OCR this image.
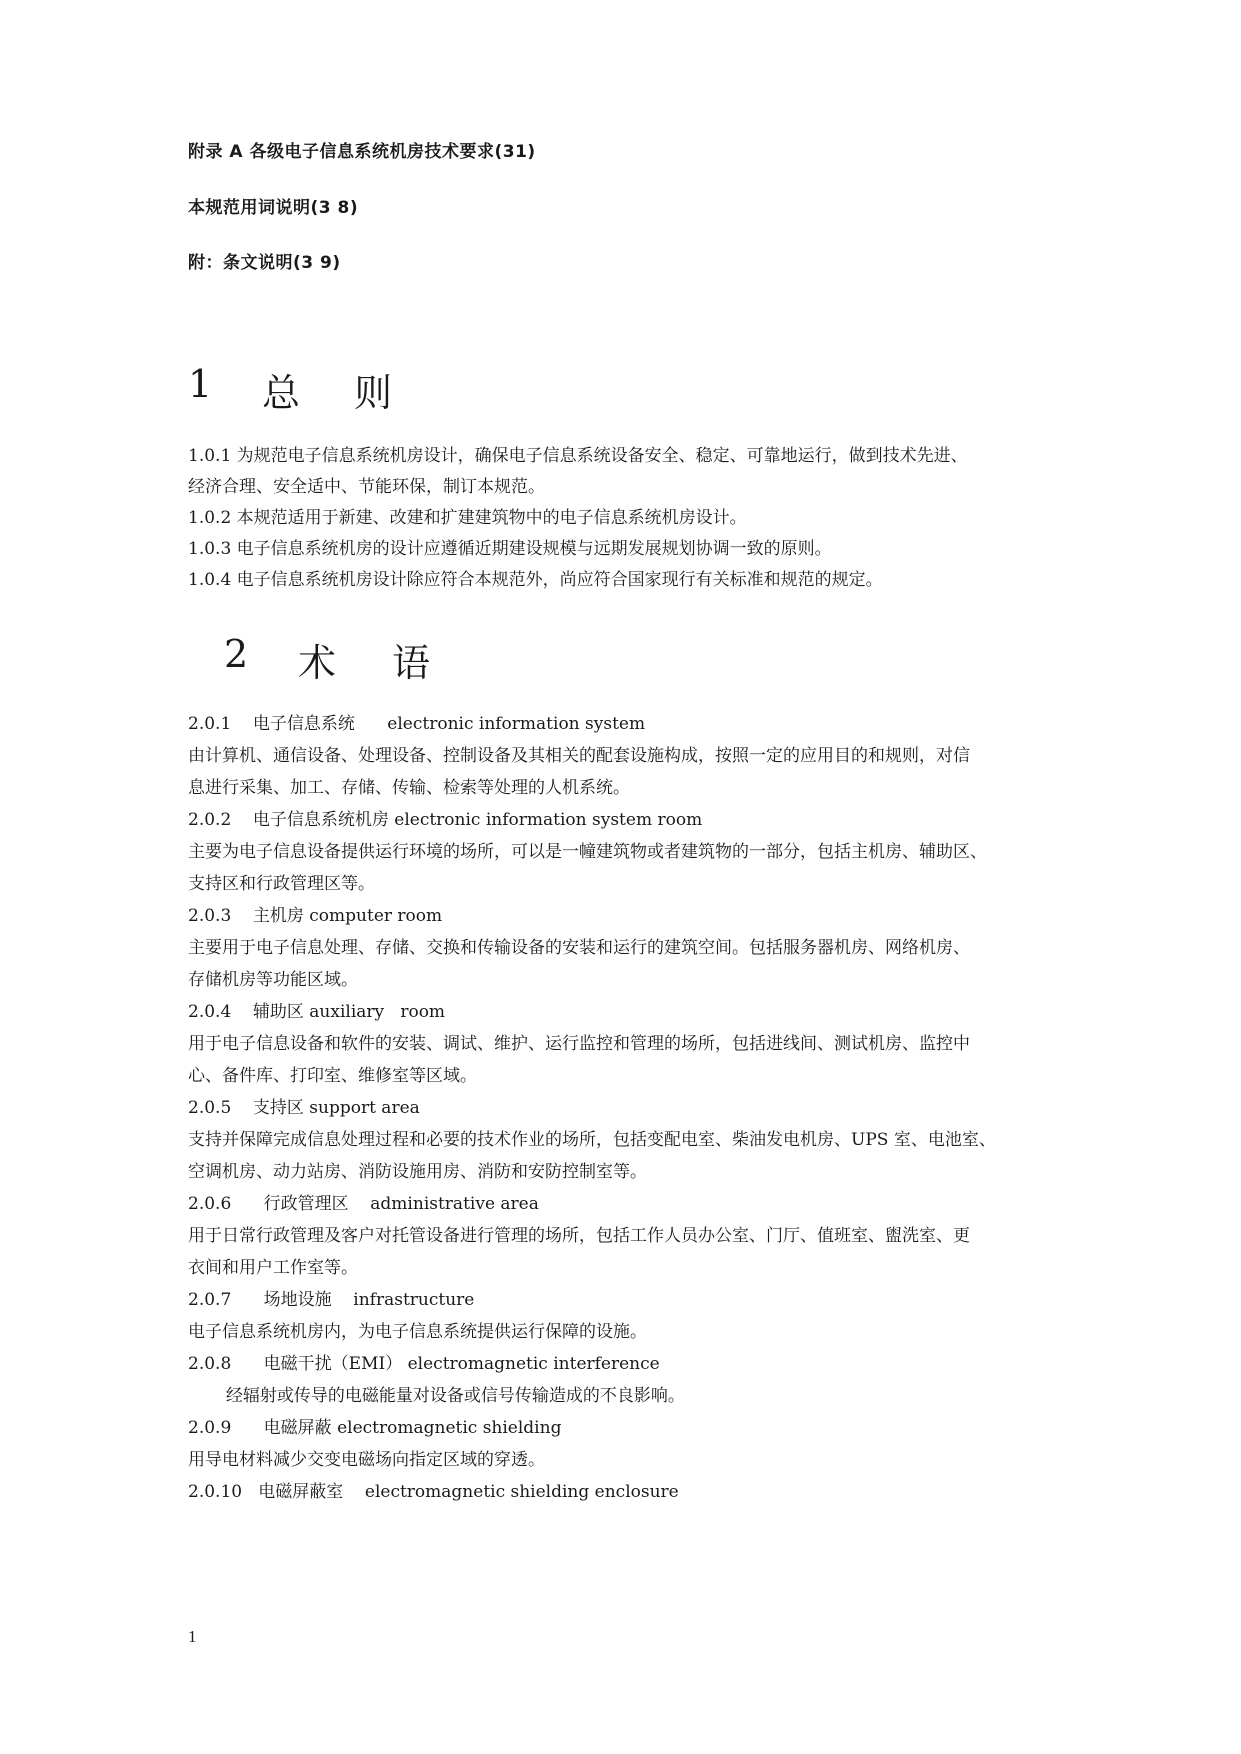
附录 A 各级电子信息系统机房技术要求(31)
本规范用词说明(3 8)
附：条文说明(3 9)
1 总 则
1.0.1 为规范电子信息系统机房设计，确保电子信息系统设备安全、稳定、可靠地运行，做到技术先进、
经济合理、安全适中、节能环保，制订本规范。
1.0.2 本规范适用于新建、改建和扩建建筑物中的电子信息系统机房设计。
1.0.3 电子信息系统机房的设计应遵循近期建设规模与远期发展规划协调一致的原则。
1.0.4 电子信息系统机房设计除应符合本规范外，尚应符合国家现行有关标准和规范的规定。
2 术 语
2.0.1    电子信息系统      electronic information system
由计算机、通信设备、处理设备、控制设备及其相关的配套设施构成，按照一定的应用目的和规则，对信
息进行采集、加工、存储、传输、检索等处理的人机系统。
2.0.2    电子信息系统机房 electronic information system room
主要为电子信息设备提供运行环境的场所，可以是一幢建筑物或者建筑物的一部分，包括主机房、辅助区、
支持区和行政管理区等。
2.0.3    主机房 computer room
主要用于电子信息处理、存储、交换和传输设备的安装和运行的建筑空间。包括服务器机房、网络机房、
存储机房等功能区域。
2.0.4    辅助区 auxiliary   room
用于电子信息设备和软件的安装、调试、维护、运行监控和管理的场所，包括进线间、测试机房、监控中
心、备件库、打印室、维修室等区域。
2.0.5    支持区 support area
支持并保障完成信息处理过程和必要的技术作业的场所，包括变配电室、柴油发电机房、UPS 室、电池室、
空调机房、动力站房、消防设施用房、消防和安防控制室等。
2.0.6      行政管理区    administrative area
用于日常行政管理及客户对托管设备进行管理的场所，包括工作人员办公室、门厅、值班室、盥洗室、更
衣间和用户工作室等。
2.0.7      场地设施    infrastructure
电子信息系统机房内，为电子信息系统提供运行保障的设施。
2.0.8      电磁干扰（EMI） electromagnetic interference
经辐射或传导的电磁能量对设备或信号传输造成的不良影响。
2.0.9      电磁屏蔽 electromagnetic shielding
用导电材料减少交变电磁场向指定区域的穿透。
2.0.10   电磁屏蔽室    electromagnetic shielding enclosure
1
